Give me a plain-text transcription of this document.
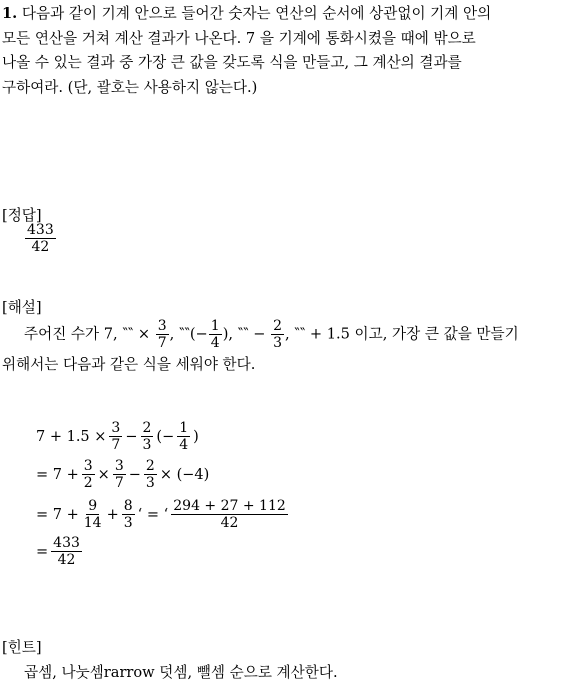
1. 다음과 같이 기계 안으로 들어간 숫자는 연산의 순서에 상관없이 기계 안의
모든 연산을 거쳐 계산 결과가 나온다. 7 을 기계에 통화시켰을 때에 밖으로
나올 수 있는 결과 중 가장 큰 값을 갖도록 식을 만들고, 그 계산의 결과를
구하여라. (단, 괄호는 사용하지 않는다.)
[정답]
$\frac{433}{42}$
[해설]
주어진 수가 7, ‶‶ × $\frac{3}{7}$ , ‶‶(− $\frac{1}{4}$ ), ‶‶ − $\frac{2}{3}$ , ‶‶ + 1.5 이고, 가장 큰 값을 만들기
위해서는 다음과 같은 식을 세워야 한다.
$7 + 1.5 \times \frac{3}{7} - \frac{2}{3}$ (− $\frac{1}{4}$ )
= $7 + \frac{3}{2} \times \frac{3}{7} - \frac{2}{3} \times (-4)$
= $7 + \frac{9}{14} + \frac{8}{3}$ ‘ = ‘ $\frac{294 + 27 + 112}{42}$
= $\frac{433}{42}$
[힌트]
곱셈, 나눗셈rarrow 덧셈, 뺄셈 순으로 계산한다.
